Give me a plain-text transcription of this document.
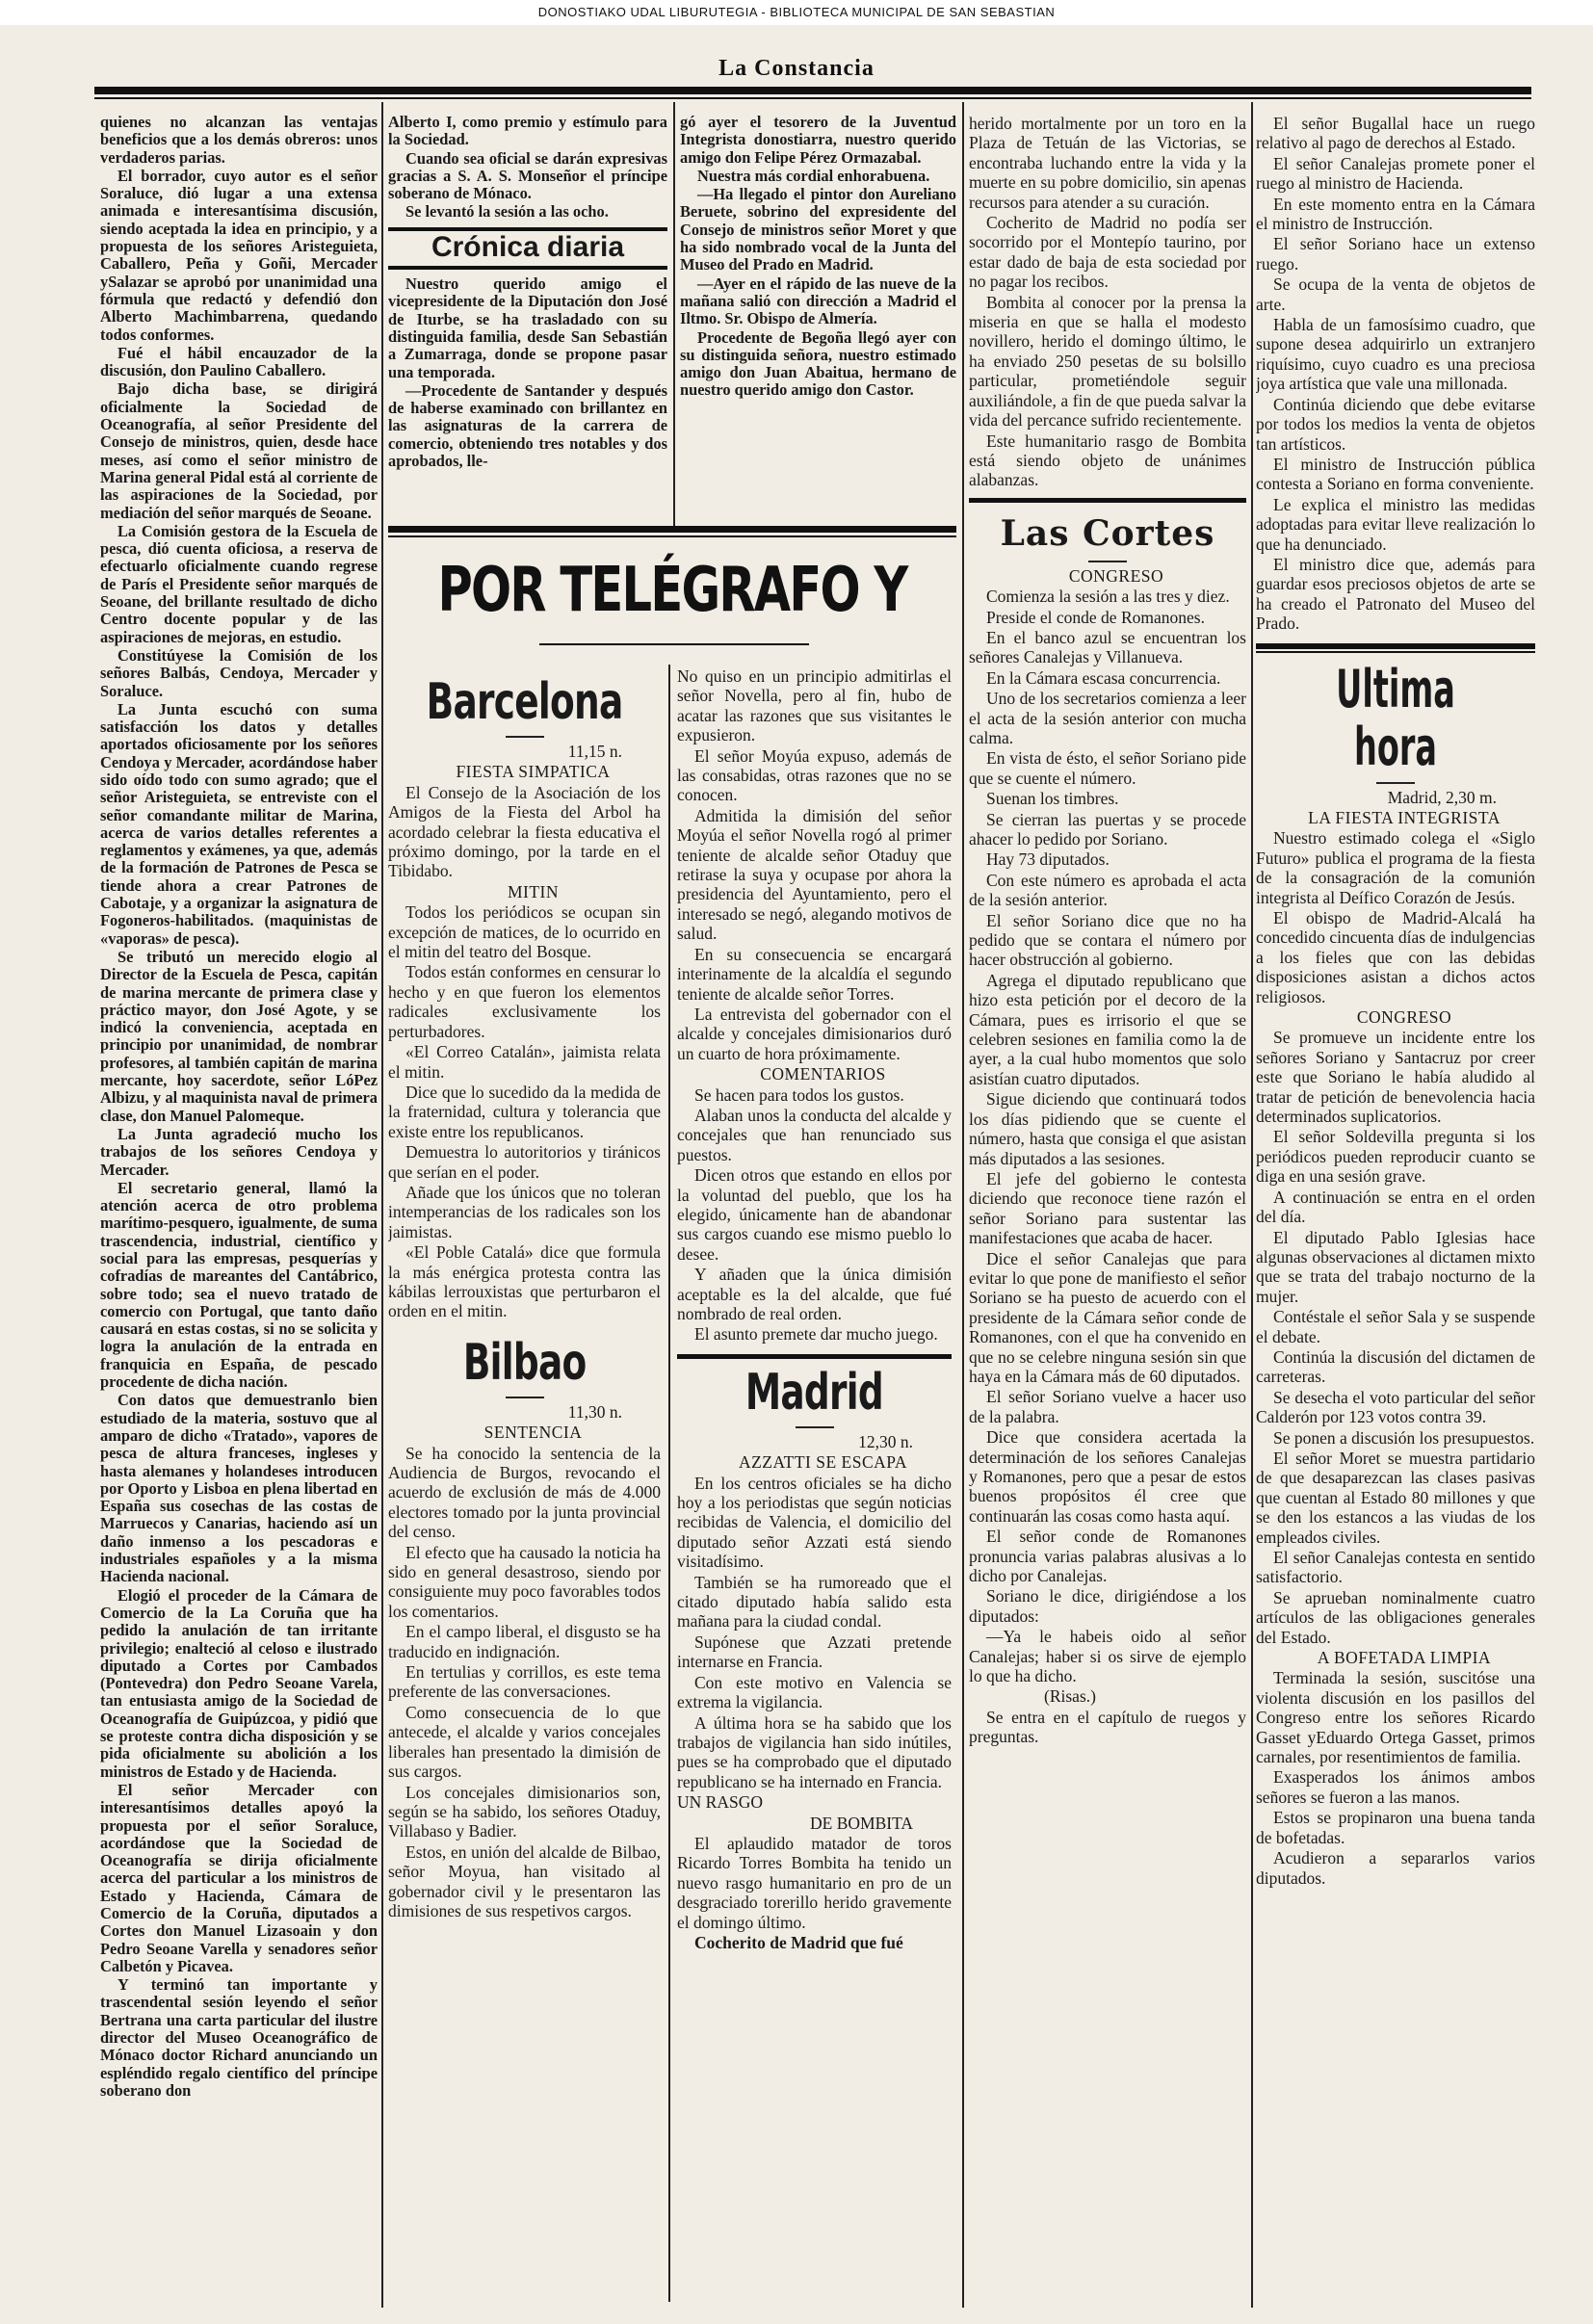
DONOSTIAKO UDAL LIBURUTEGIA - BIBLIOTECA MUNICIPAL DE SAN SEBASTIAN
La Constancia

quienes no alcanzan las ventajas beneficios que a los demás obreros: unos verdaderos parias.

El borrador, cuyo autor es el señor Soraluce, dió lugar a una extensa animada e interesantísima discusión, siendo aceptada la idea en principio, y a propuesta de los señores Aristeguieta, Caballero, Peña y Goñi, Mercader ySalazar se aprobó por unanimidad una fórmula que redactó y defendió don Alberto Machimbarrena, quedando todos conformes.

Fué el hábil encauzador de la discusión, don Paulino Caballero.

Bajo dicha base, se dirigirá oficialmente la Sociedad de Oceanografía, al señor Presidente del Consejo de ministros, quien, desde hace meses, así como el señor ministro de Marina general Pidal está al corriente de las aspiraciones de la Sociedad, por mediación del señor marqués de Seoane.

La Comisión gestora de la Escuela de pesca, dió cuenta oficiosa, a reserva de efectuarlo oficialmente cuando regrese de París el Presidente señor marqués de Seoane, del brillante resultado de dicho Centro docente popular y de las aspiraciones de mejoras, en estudio.

Constitúyese la Comisión de los señores Balbás, Cendoya, Mercader y Soraluce.

La Junta escuchó con suma satisfacción los datos y detalles aportados oficiosamente por los señores Cendoya y Mercader, acordándose haber sido oído todo con sumo agrado; que el señor Aristeguieta, se entreviste con el señor comandante militar de Marina, acerca de varios detalles referentes a reglamentos y exámenes, ya que, además de la formación de Patrones de Pesca se tiende ahora a crear Patrones de Cabotaje, y a organizar la asignatura de Fogoneros-habilitados. (maquinistas de «vaporas» de pesca).

Se tributó un merecido elogio al Director de la Escuela de Pesca, capitán de marina mercante de primera clase y práctico mayor, don José Agote, y se indicó la conveniencia, aceptada en principio por unanimidad, de nombrar profesores, al también capitán de marina mercante, hoy sacerdote, señor LóPez Albizu, y al maquinista naval de primera clase, don Manuel Palomeque.

La Junta agradeció mucho los trabajos de los señores Cendoya y Mercader.

El secretario general, llamó la atención acerca de otro problema marítimo-pesquero, igualmente, de suma trascendencia, industrial, científico y social para las empresas, pesquerías y cofradías de mareantes del Cantábrico, sobre todo; sea el nuevo tratado de comercio con Portugal, que tanto daño causará en estas costas, si no se solicita y logra la anulación de la entrada en franquicia en España, de pescado procedente de dicha nación.

Con datos que demuestranlo bien estudiado de la materia, sostuvo que al amparo de dicho «Tratado», vapores de pesca de altura franceses, ingleses y hasta alemanes y holandeses introducen por Oporto y Lisboa en plena libertad en España sus cosechas de las costas de Marruecos y Canarias, haciendo así un daño inmenso a los pescadoras e industriales españoles y a la misma Hacienda nacional.

Elogió el proceder de la Cámara de Comercio de la La Coruña que ha pedido la anulación de tan irritante privilegio; enalteció al celoso e ilustrado diputado a Cortes por Cambados (Pontevedra) don Pedro Seoane Varela, tan entusiasta amigo de la Sociedad de Oceanografía de Guipúzcoa, y pidió que se proteste contra dicha disposición y se pida oficialmente su abolición a los ministros de Estado y de Hacienda.

El señor Mercader con interesantísimos detalles apoyó la propuesta por el señor Soraluce, acordándose que la Sociedad de Oceanografía se dirija oficialmente acerca del particular a los ministros de Estado y Hacienda, Cámara de Comercio de la Coruña, diputados a Cortes don Manuel Lizasoain y don Pedro Seoane Varella y senadores señor Calbetón y Picavea.

Y terminó tan importante y trascendental sesión leyendo el señor Bertrana una carta particular del ilustre director del Museo Oceanográfico de Mónaco doctor Richard anunciando un espléndido regalo científico del príncipe soberano don

Alberto I, como premio y estímulo para la Sociedad.

Cuando sea oficial se darán expresivas gracias a S. A. S. Monseñor el príncipe soberano de Mónaco.

Se levantó la sesión a las ocho.

Crónica diaria

Nuestro querido amigo el vicepresidente de la Diputación don José de Iturbe, se ha trasladado con su distinguida familia, desde San Sebastián a Zumarraga, donde se propone pasar una temporada.

—Procedente de Santander y después de haberse examinado con brillantez en las asignaturas de la carrera de comercio, obteniendo tres notables y dos aprobados, lle-

gó ayer el tesorero de la Juventud Integrista donostiarra, nuestro querido amigo don Felipe Pérez Ormazabal.

Nuestra más cordial enhorabuena.

—Ha llegado el pintor don Aureliano Beruete, sobrino del expresidente del Consejo de ministros señor Moret y que ha sido nombrado vocal de la Junta del Museo del Prado en Madrid.

—Ayer en el rápido de las nueve de la mañana salió con dirección a Madrid el Iltmo. Sr. Obispo de Almería.

Procedente de Begoña llegó ayer con su distinguida señora, nuestro estimado amigo don Juan Abaitua, hermano de nuestro querido amigo don Castor.

POR TELÉGRAFO Y
Barcelona

11,15 n.

FIESTA SIMPATICA

El Consejo de la Asociación de los Amigos de la Fiesta del Arbol ha acordado celebrar la fiesta educativa el próximo domingo, por la tarde en el Tibidabo.

MITIN

Todos los periódicos se ocupan sin excepción de matices, de lo ocurrido en el mitin del teatro del Bosque.

Todos están conformes en censurar lo hecho y en que fueron los elementos radicales exclusivamente los perturbadores.

«El Correo Catalán», jaimista relata el mitin.

Dice que lo sucedido da la medida de la fraternidad, cultura y tolerancia que existe entre los republicanos.

Demuestra lo autoritorios y tiránicos que serían en el poder.

Añade que los únicos que no toleran intemperancias de los radicales son los jaimistas.

«El Poble Catalá» dice que formula la más enérgica protesta contra las kábilas lerrouxistas que perturbaron el orden en el mitin.

Bilbao

11,30 n.

SENTENCIA

Se ha conocido la sentencia de la Audiencia de Burgos, revocando el acuerdo de exclusión de más de 4.000 electores tomado por la junta provincial del censo.

El efecto que ha causado la noticia ha sido en general desastroso, siendo por consiguiente muy poco favorables todos los comentarios.

En el campo liberal, el disgusto se ha traducido en indignación.

En tertulias y corrillos, es este tema preferente de las conversaciones.

Como consecuencia de lo que antecede, el alcalde y varios concejales liberales han presentado la dimisión de sus cargos.

Los concejales dimisionarios son, según se ha sabido, los señores Otaduy, Villabaso y Badier.

Estos, en unión del alcalde de Bilbao, señor Moyua, han visitado al gobernador civil y le presentaron las dimisiones de sus respetivos cargos.

No quiso en un principio admitirlas el señor Novella, pero al fin, hubo de acatar las razones que sus visitantes le expusieron.

El señor Moyúa expuso, además de las consabidas, otras razones que no se conocen.

Admitida la dimisión del señor Moyúa el señor Novella rogó al primer teniente de alcalde señor Otaduy que retirase la suya y ocupase por ahora la presidencia del Ayuntamiento, pero el interesado se negó, alegando motivos de salud.

En su consecuencia se encargará interinamente de la alcaldía el segundo teniente de alcalde señor Torres.

La entrevista del gobernador con el alcalde y concejales dimisionarios duró un cuarto de hora próximamente.

COMENTARIOS

Se hacen para todos los gustos.

Alaban unos la conducta del alcalde y concejales que han renunciado sus puestos.

Dicen otros que estando en ellos por la voluntad del pueblo, que los ha elegido, únicamente han de abandonar sus cargos cuando ese mismo pueblo lo desee.

Y añaden que la única dimisión aceptable es la del alcalde, que fué nombrado de real orden.

El asunto premete dar mucho juego.

Madrid

12,30 n.

AZZATTI SE ESCAPA

En los centros oficiales se ha dicho hoy a los periodistas que según noticias recibidas de Valencia, el domicilio del diputado señor Azzati está siendo visitadísimo.

También se ha rumoreado que el citado diputado había salido esta mañana para la ciudad condal.

Supónese que Azzati pretende internarse en Francia.

Con este motivo en Valencia se extrema la vigilancia.

A última hora se ha sabido que los trabajos de vigilancia han sido inútiles, pues se ha comprobado que el diputado republicano se ha internado en Francia.

UN RASGO

DE BOMBITA

El aplaudido matador de toros Ricardo Torres Bombita ha tenido un nuevo rasgo humanitario en pro de un desgraciado torerillo herido gravemente el domingo último.

Cocherito de Madrid que fué

herido mortalmente por un toro en la Plaza de Tetuán de las Victorias, se encontraba luchando entre la vida y la muerte en su pobre domicilio, sin apenas recursos para atender a su curación.

Cocherito de Madrid no podía ser socorrido por el Montepío taurino, por estar dado de baja de esta sociedad por no pagar los recibos.

Bombita al conocer por la prensa la miseria en que se halla el modesto novillero, herido el domingo último, le ha enviado 250 pesetas de su bolsillo particular, prometiéndole seguir auxiliándole, a fin de que pueda salvar la vida del percance sufrido recientemente.

Este humanitario rasgo de Bombita está siendo objeto de unánimes alabanzas.

Las Cortes

CONGRESO

Comienza la sesión a las tres y diez.

Preside el conde de Romanones.

En el banco azul se encuentran los señores Canalejas y Villanueva.

En la Cámara escasa concurrencia.

Uno de los secretarios comienza a leer el acta de la sesión anterior con mucha calma.

En vista de ésto, el señor Soriano pide que se cuente el número.

Suenan los timbres.

Se cierran las puertas y se procede ahacer lo pedido por Soriano.

Hay 73 diputados.

Con este número es aprobada el acta de la sesión anterior.

El señor Soriano dice que no ha pedido que se contara el número por hacer obstrucción al gobierno.

Agrega el diputado republicano que hizo esta petición por el decoro de la Cámara, pues es irrisorio el que se celebren sesiones en familia como la de ayer, a la cual hubo momentos que solo asistían cuatro diputados.

Sigue diciendo que continuará todos los días pidiendo que se cuente el número, hasta que consiga el que asistan más diputados a las sesiones.

El jefe del gobierno le contesta diciendo que reconoce tiene razón el señor Soriano para sustentar las manifestaciones que acaba de hacer.

Dice el señor Canalejas que para evitar lo que pone de manifiesto el señor Soriano se ha puesto de acuerdo con el presidente de la Cámara señor conde de Romanones, con el que ha convenido en que no se celebre ninguna sesión sin que haya en la Cámara más de 60 diputados.

El señor Soriano vuelve a hacer uso de la palabra.

Dice que considera acertada la determinación de los señores Canalejas y Romanones, pero que a pesar de estos buenos propósitos él cree que continuarán las cosas como hasta aquí.

El señor conde de Romanones pronuncia varias palabras alusivas a lo dicho por Canalejas.

Soriano le dice, dirigiéndose a los diputados:

—Ya le habeis oido al señor Canalejas; haber si os sirve de ejemplo lo que ha dicho.

(Risas.)

Se entra en el capítulo de ruegos y preguntas.

El señor Bugallal hace un ruego relativo al pago de derechos al Estado.

El señor Canalejas promete poner el ruego al ministro de Hacienda.

En este momento entra en la Cámara el ministro de Instrucción.

El señor Soriano hace un extenso ruego.

Se ocupa de la venta de objetos de arte.

Habla de un famosísimo cuadro, que supone desea adquirirlo un extranjero riquísimo, cuyo cuadro es una preciosa joya artística que vale una millonada.

Continúa diciendo que debe evitarse por todos los medios la venta de objetos tan artísticos.

El ministro de Instrucción pública contesta a Soriano en forma conveniente.

Le explica el ministro las medidas adoptadas para evitar lleve realización lo que ha denunciado.

El ministro dice que, además para guardar esos preciosos objetos de arte se ha creado el Patronato del Museo del Prado.

Ultima hora

Madrid, 2,30 m.

LA FIESTA INTEGRISTA

Nuestro estimado colega el «Siglo Futuro» publica el programa de la fiesta de la consagración de la comunión integrista al Deífico Corazón de Jesús.

El obispo de Madrid-Alcalá ha concedido cincuenta días de indulgencias a los fieles que con las debidas disposiciones asistan a dichos actos religiosos.

CONGRESO

Se promueve un incidente entre los señores Soriano y Santacruz por creer este que Soriano le había aludido al tratar de petición de benevolencia hacia determinados suplicatorios.

El señor Soldevilla pregunta si los periódicos pueden reproducir cuanto se diga en una sesión grave.

A continuación se entra en el orden del día.

El diputado Pablo Iglesias hace algunas observaciones al dictamen mixto que se trata del trabajo nocturno de la mujer.

Contéstale el señor Sala y se suspende el debate.

Continúa la discusión del dictamen de carreteras.

Se desecha el voto particular del señor Calderón por 123 votos contra 39.

Se ponen a discusión los presupuestos.

El señor Moret se muestra partidario de que desaparezcan las clases pasivas que cuentan al Estado 80 millones y que se den los estancos a las viudas de los empleados civiles.

El señor Canalejas contesta en sentido satisfactorio.

Se aprueban nominalmente cuatro artículos de las obligaciones generales del Estado.

A BOFETADA LIMPIA

Terminada la sesión, suscitóse una violenta discusión en los pasillos del Congreso entre los señores Ricardo Gasset yEduardo Ortega Gasset, primos carnales, por resentimientos de familia.

Exasperados los ánimos ambos señores se fueron a las manos.

Estos se propinaron una buena tanda de bofetadas.

Acudieron a separarlos varios diputados.
